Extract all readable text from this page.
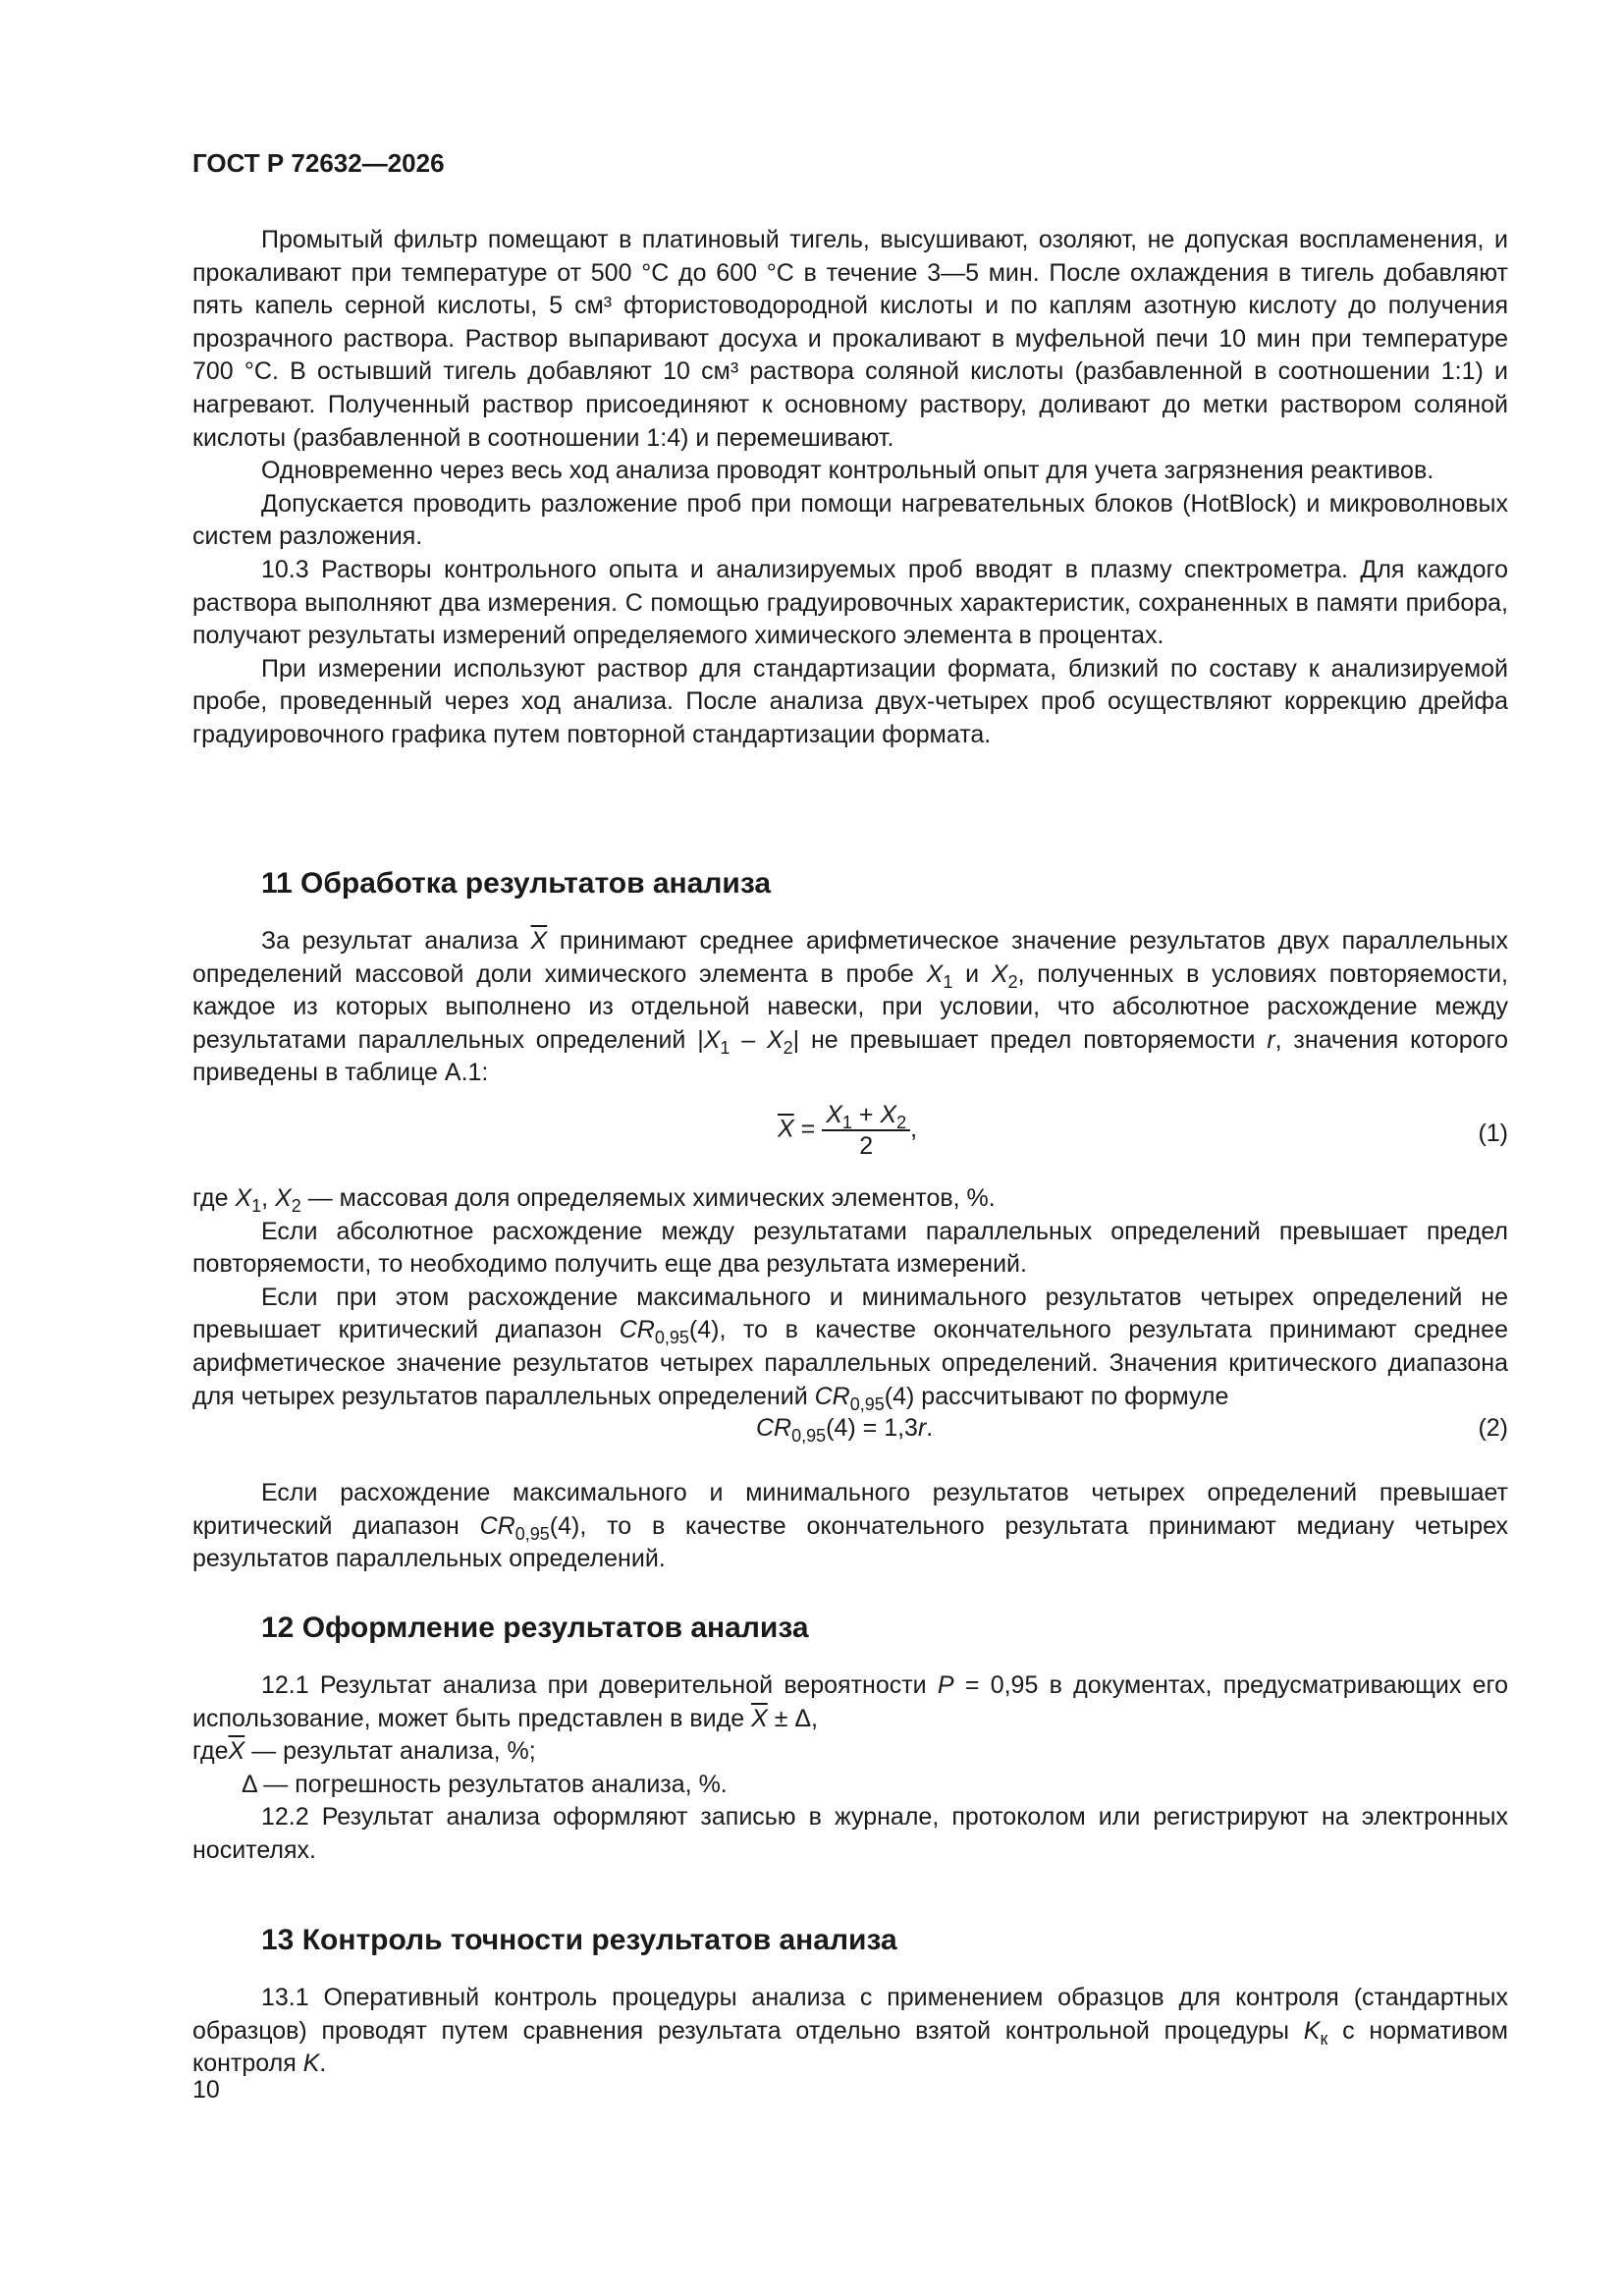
ГОСТ Р 72632—2026

Промытый фильтр помещают в платиновый тигель, высушивают, озоляют, не допуская воспламенения, и прокаливают при температуре от 500 °С до 600 °С в течение 3—5 мин. После охлаждения в тигель добавляют пять капель серной кислоты, 5 см³ фтористоводородной кислоты и по каплям азотную кислоту до получения прозрачного раствора. Раствор выпаривают досуха и прокаливают в муфельной печи 10 мин при температуре 700 °С. В остывший тигель добавляют 10 см³ раствора соляной кислоты (разбавленной в соотношении 1:1) и нагревают. Полученный раствор присоединяют к основному раствору, доливают до метки раствором соляной кислоты (разбавленной в соотношении 1:4) и перемешивают.

Одновременно через весь ход анализа проводят контрольный опыт для учета загрязнения реактивов.

Допускается проводить разложение проб при помощи нагревательных блоков (HotBlock) и микроволновых систем разложения.

10.3 Растворы контрольного опыта и анализируемых проб вводят в плазму спектрометра. Для каждого раствора выполняют два измерения. С помощью градуировочных характеристик, сохраненных в памяти прибора, получают результаты измерений определяемого химического элемента в процентах.

При измерении используют раствор для стандартизации формата, близкий по составу к анализируемой пробе, проведенный через ход анализа. После анализа двух-четырех проб осуществляют коррекцию дрейфа градуировочного графика путем повторной стандартизации формата.

11 Обработка результатов анализа

За результат анализа $\overline{X}$ принимают среднее арифметическое значение результатов двух параллельных определений массовой доли химического элемента в пробе $X_1$ и $X_2$, полученных в условиях повторяемости, каждое из которых выполнено из отдельной навески, при условии, что абсолютное расхождение между результатами параллельных определений $|X_1 - X_2|$ не превышает предел повторяемости r, значения которого приведены в таблице А.1:

$\overline{X} = \frac{X_1 + X_2}{2}$ ,	(1)

где $X_1$, $X_2$ — массовая доля определяемых химических элементов, %.

Если абсолютное расхождение между результатами параллельных определений превышает предел повторяемости, то необходимо получить еще два результата измерений.

Если при этом расхождение максимального и минимального результатов четырех определений не превышает критический диапазон $CR_{0,95}(4)$, то в качестве окончательного результата принимают среднее арифметическое значение результатов четырех параллельных определений. Значения критического диапазона для четырех результатов параллельных определений $CR_{0,95}(4)$ рассчитывают по формуле

$CR_{0,95}(4) = 1,3r$.	(2)

Если расхождение максимального и минимального результатов четырех определений превышает критический диапазон $CR_{0,95}(4)$, то в качестве окончательного результата принимают медиану четырех результатов параллельных определений.

12 Оформление результатов анализа

12.1 Результат анализа при доверительной вероятности P = 0,95 в документах, предусматривающих его использование, может быть представлен в виде $\overline{X} \pm \Delta$,

$где\overline{X}$ — результат анализа, %;

Δ — погрешность результатов анализа, %.

12.2 Результат анализа оформляют записью в журнале, протоколом или регистрируют на электронных носителях.

13 Контроль точности результатов анализа

13.1 Оперативный контроль процедуры анализа с применением образцов для контроля (стандартных образцов) проводят путем сравнения результата отдельно взятой контрольной процедуры $K_к$ с нормативом контроля K.

10
